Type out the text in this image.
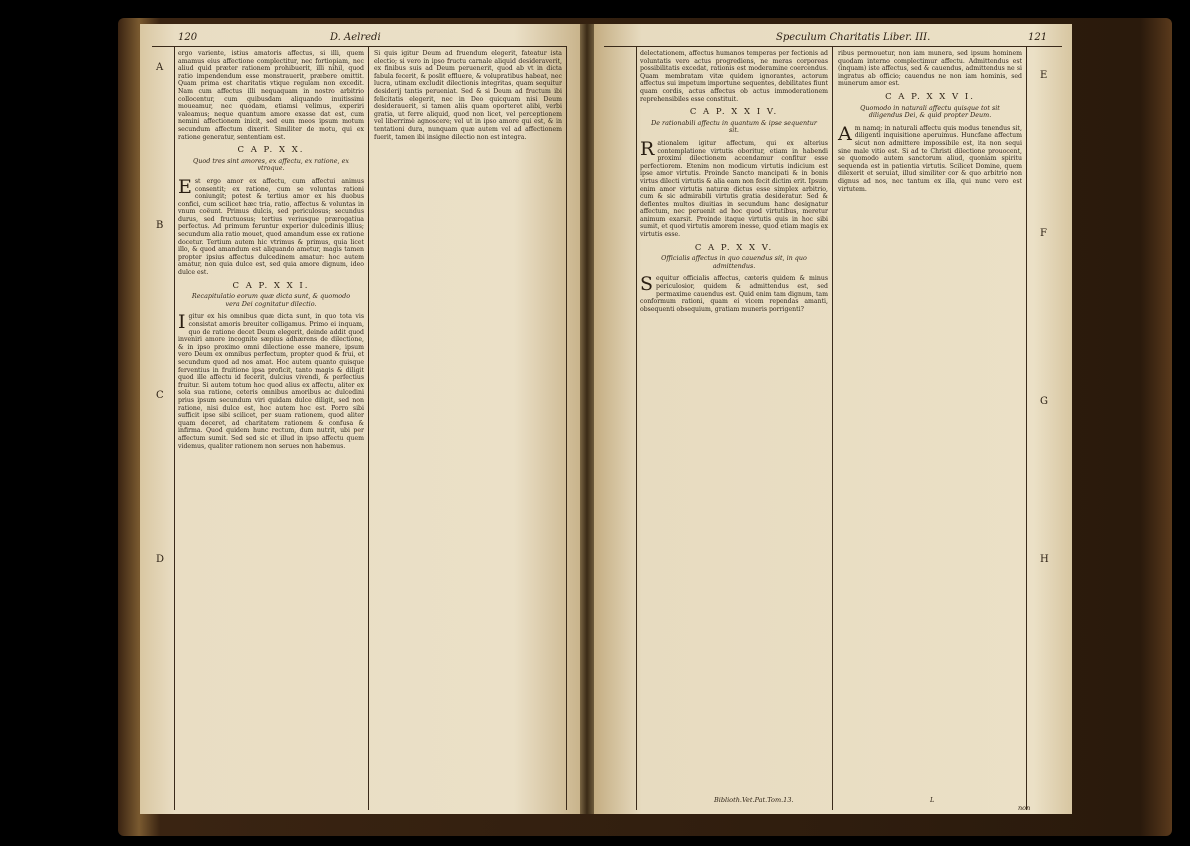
120	D. Aelredi
A
B
C
D

ergo variente, istius amatoris affectus, si illi, quem amamus eius affectione complectitur, nec fortiopiam, nec aliud quid præter rationem prohibuerit, illi nihil, quod ratio impendendum esse monstrauerit, præbere omittit. Quam prima est charitatis vtique regulam non excedit. Nam cum affectus illi nequaquam in nostro arbitrio collocentur, cum quibusdam aliquando inuitissimi moueamur, nec quodam, etiamsi velimus, experiri valeamus; neque quantum amore exasse dat est, cum nemini affectionem inicit, sed eum meos ipsum motum secundum affectum dixerit. Similiter de motu, qui ex ratione generatur, sententiam est.

C A P. X X.
Quod tres sint amores, ex affectu, ex ratione, ex vtroque.

Est ergo amor ex affectu, cum affectui animus consentit; ex ratione, cum se voluntas rationi coniungit; potest & tertius amor ex his duobus confici, cum scilicet hæc tria, ratio, affectus & voluntas in vnum coëunt. Primus dulcis, sed periculosus; secundus durus, sed fructuosus; tertius veriusque prærogatiua perfectus. Ad primum feruntur experior dulcedinis illius; secundum alia ratio mouet, quod amandum esse ex ratione docetur. Tertium autem hic vtrimus & primus, quia licet illo, & quod amandum est aliquando ametur, magis tamen propter ipsius affectus dulcedinem amatur: hoc autem amatur, non quia dulce est, sed quia amore dignum, ideo dulce est.

C A P. X X I.
Recapitulatio eorum quæ dicta sunt, & quomodo vera Dei cognitatur dilectio.

Igitur ex his omnibus quæ dicta sunt, in quo tota vis consistat amoris breuiter colligamus. Primo ei inquam, quo de ratione decet Deum elegerit, deinde addit quod inveniri amore incognite sæpius adhærens de dilectione, & in ipso proximo omni dilectione esse manere, ipsum vero Deum ex omnibus perfectum, propter quod & frui, et secundum quod ad nos amat. Hoc autem quanto quisque ferventius in fruitione ipsa proficit, tanto magis & diligit quod ille affectu id fecerit, dulcius vivendi, & perfectius fruitur. Si autem totum hoc quod alius ex affectu, aliter ex sola sua ratione, ceteris omnibus amoribus ac dulcedini prius ipsum secundum viri quidam dulce diligit, sed non ratione, nisi dulce est, hoc autem hoc est. Porro sibi sufficit ipse sibi scilicet, per suam rationem, quod aliter quam deceret, ad charitatem rationem & confusa & infirma. Quod quidem hunc rectum, dum nutrit, ubi per affectum sumit. Sed sed sic et illud in ipso affectu quem videmus, qualiter rationem non serues non habemus.

Si quis igitur Deum ad fruendum elegerit, fateatur ista electio; si vero in ipso fructu carnale aliquid desideraverit, ex finibus suis ad Deum peruenerit, quod ab vt in dicta fabula fecerit, & poslit effluere, & volupratibus habeat, nec lucra, utinam excludit dilectionis integritas, quam sequitur desiderij tantis perueniat. Sed & si Deum ad fructum ibi felicitatis elegerit, nec in Deo quicquam nisi Deum desiderauerit, si tamen aliis quam oporteret alibi, verbi gratia, ut ferre aliquid, quod non licet, vel perceptionem vel liberrimè agnoscere; vel ut in ipso amore qui est, & in tentationi dura, nunquam quæ autem vel ad affectionem fuerit, tamen ibi insigne dilectio non est integra.

Speculum Charitatis Liber. III.	121
E
F
G
H

delectationem, affectus humanos temperas per fectionis ad voluntatis vero actus progrediens, ne meras corporeas possibilitatis excedat, rationis est moderamine coercendus. Quam membratam vitæ quidem ignorantes, actorum affectus sui impetum importune sequentes, debilitates fiunt quam cordis, actus affectus ob actus immoderationem reprehensibiles esse constituit.

C A P. X X I V.
De rationabili affectu in quantum & ipse sequentur sit.

Rationalem igitur affectum, qui ex alterius contemplatione virtutis oboritur, etiam in habendi proximi dilectionem accendamur confitur esse perfectiorem. Etenim non modicum virtutis indicium est ipse amor virtutis. Proinde Sancto mancipati & in bonis virtus dilecti virtutis & alia eam non fecit dictim erit. Ipsum enim amor virtutis naturæ dictus esse simplex arbitrio, cum & sic admirabili virtutis gratia desideratur. Sed & deflentes multos diuitias in secundum hanc designatur affectum, nec peruenit ad hoc quod virtutibus, meretur animum exarsit. Proinde itaque virtutis quis in hoc sibi sumit, et quod virtutis amorem inesse, quod etiam magis ex virtutis esse.

C A P. X X V.
Officialis affectus in quo cauendus sit, in quo admittendus.

Sequitur officialis affectus, cæteris quidem & minus periculosior, quidem & admittendus est, sed permaxime cauendus est. Quid enim tam dignum, tam conformum rationi, quam ei vicem rependas amanti, obsequenti obsequium, gratiam muneris porrigenti?

ribus permouetur, non iam munera, sed ipsum hominem quodam interno complectimur affectu. Admittendus est (inquam) iste affectus, sed & cauendus, admittendus ne si ingratus ab officio; cauendus ne non iam hominis, sed munerum amor est.

C A P. X X V I.
Quomodo in naturali affectu quisque tot sit diligendus Dei, & quid propter Deum.

Am namq; in naturali affectu quis modus tenendus sit, diligenti inquisitione aperuimus. Huncfane affectum sicut non admittere impossibile est, ita non sequi sine male vitio est. Si ad te Christi dilectione prouocent, se quomodo autem sanctorum aliud, quoniam spiritu sequenda est in patientia virtutis. Scilicet Domine, quem dilexerit et seruiat, illud similiter cor & quo arbitrio non dignus ad nos, nec tantum ex illa, qui nunc vero est virtutem.

Biblioth.Vet.Pat.Tom.13.	L
non
